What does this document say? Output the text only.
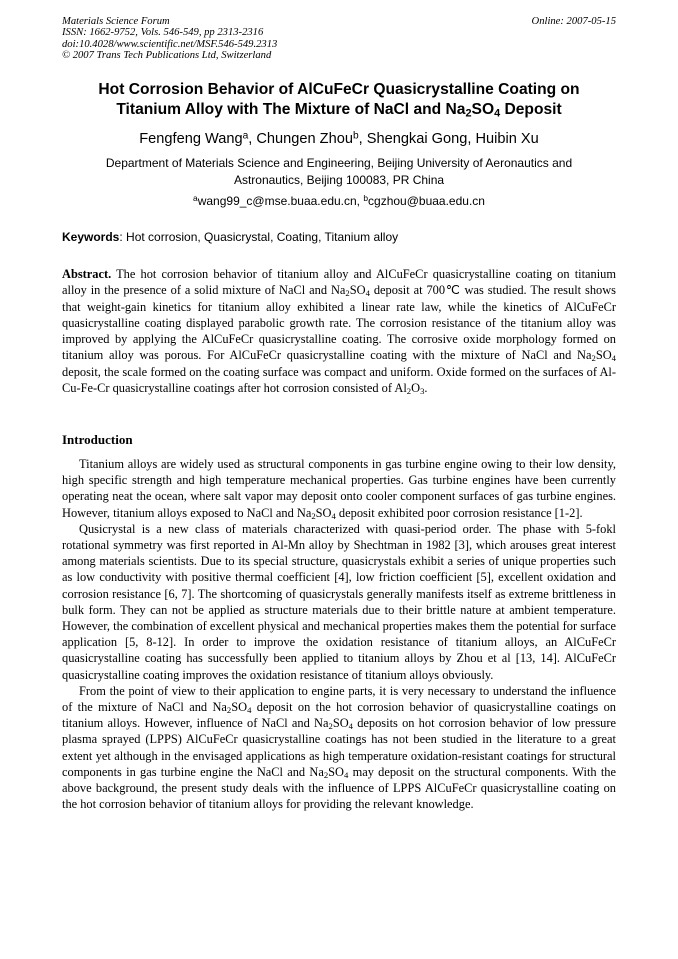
Materials Science Forum
ISSN: 1662-9752, Vols. 546-549, pp 2313-2316
doi:10.4028/www.scientific.net/MSF.546-549.2313
© 2007 Trans Tech Publications Ltd, Switzerland
Online: 2007-05-15
Hot Corrosion Behavior of AlCuFeCr Quasicrystalline Coating on
Titanium Alloy with The Mixture of NaCl and $Na_2SO_4$ Deposit
Fengfeng Wang$^a$, Chungen Zhou$^b$, Shengkai Gong, Huibin Xu
Department of Materials Science and Engineering, Beijing University of Aeronautics and
Astronautics, Beijing 100083, PR China
$^a$wang99_c@mse.buaa.edu.cn, $^b$cgzhou@buaa.edu.cn
Keywords: Hot corrosion, Quasicrystal, Coating, Titanium alloy
Abstract. The hot corrosion behavior of titanium alloy and AlCuFeCr quasicrystalline coating on titanium alloy in the presence of a solid mixture of NaCl and $Na_2SO_4$ deposit at 700℃ was studied. The result shows that weight-gain kinetics for titanium alloy exhibited a linear rate law, while the kinetics of AlCuFeCr quasicrystalline coating displayed parabolic growth rate. The corrosion resistance of the titanium alloy was improved by applying the AlCuFeCr quasicrystalline coating. The corrosive oxide morphology formed on titanium alloy was porous. For AlCuFeCr quasicrystalline coating with the mixture of NaCl and $Na_2SO_4$ deposit, the scale formed on the coating surface was compact and uniform. Oxide formed on the surfaces of Al-Cu-Fe-Cr quasicrystalline coatings after hot corrosion consisted of $Al_2O_3$.
Introduction

Titanium alloys are widely used as structural components in gas turbine engine owing to their low density, high specific strength and high temperature mechanical properties. Gas turbine engines have been currently operating neat the ocean, where salt vapor may deposit onto cooler component surfaces of gas turbine engines. However, titanium alloys exposed to NaCl and $Na_2SO_4$ deposit exhibited poor corrosion resistance [1-2].

Qusicrystal is a new class of materials characterized with quasi-period order. The phase with 5-fokl rotational symmetry was first reported in Al-Mn alloy by Shechtman in 1982 [3], which arouses great interest among materials scientists. Due to its special structure, quasicrystals exhibit a series of unique properties such as low conductivity with positive thermal coefficient [4], low friction coefficient [5], excellent oxidation and corrosion resistance [6, 7]. The shortcoming of quasicrystals generally manifests itself as extreme brittleness in bulk form. They can not be applied as structure materials due to their brittle nature at ambient temperature. However, the combination of excellent physical and mechanical properties makes them the potential for surface application [5, 8-12]. In order to improve the oxidation resistance of titanium alloys, an AlCuFeCr quasicrystalline coating has successfully been applied to titanium alloys by Zhou et al [13, 14]. AlCuFeCr quasicrystalline coating improves the oxidation resistance of titanium alloys obviously.

From the point of view to their application to engine parts, it is very necessary to understand the influence of the mixture of NaCl and $Na_2SO_4$ deposit on the hot corrosion behavior of quasicrystalline coatings on titanium alloys. However, influence of NaCl and $Na_2SO_4$ deposits on hot corrosion behavior of low pressure plasma sprayed (LPPS) AlCuFeCr quasicrystalline coatings has not been studied in the literature to a great extent yet although in the envisaged applications as high temperature oxidation-resistant coatings for structural components in gas turbine engine the NaCl and $Na_2SO_4$ may deposit on the structural components. With the above background, the present study deals with the influence of LPPS AlCuFeCr quasicrystalline coating on the hot corrosion behavior of titanium alloys for providing the relevant knowledge.
